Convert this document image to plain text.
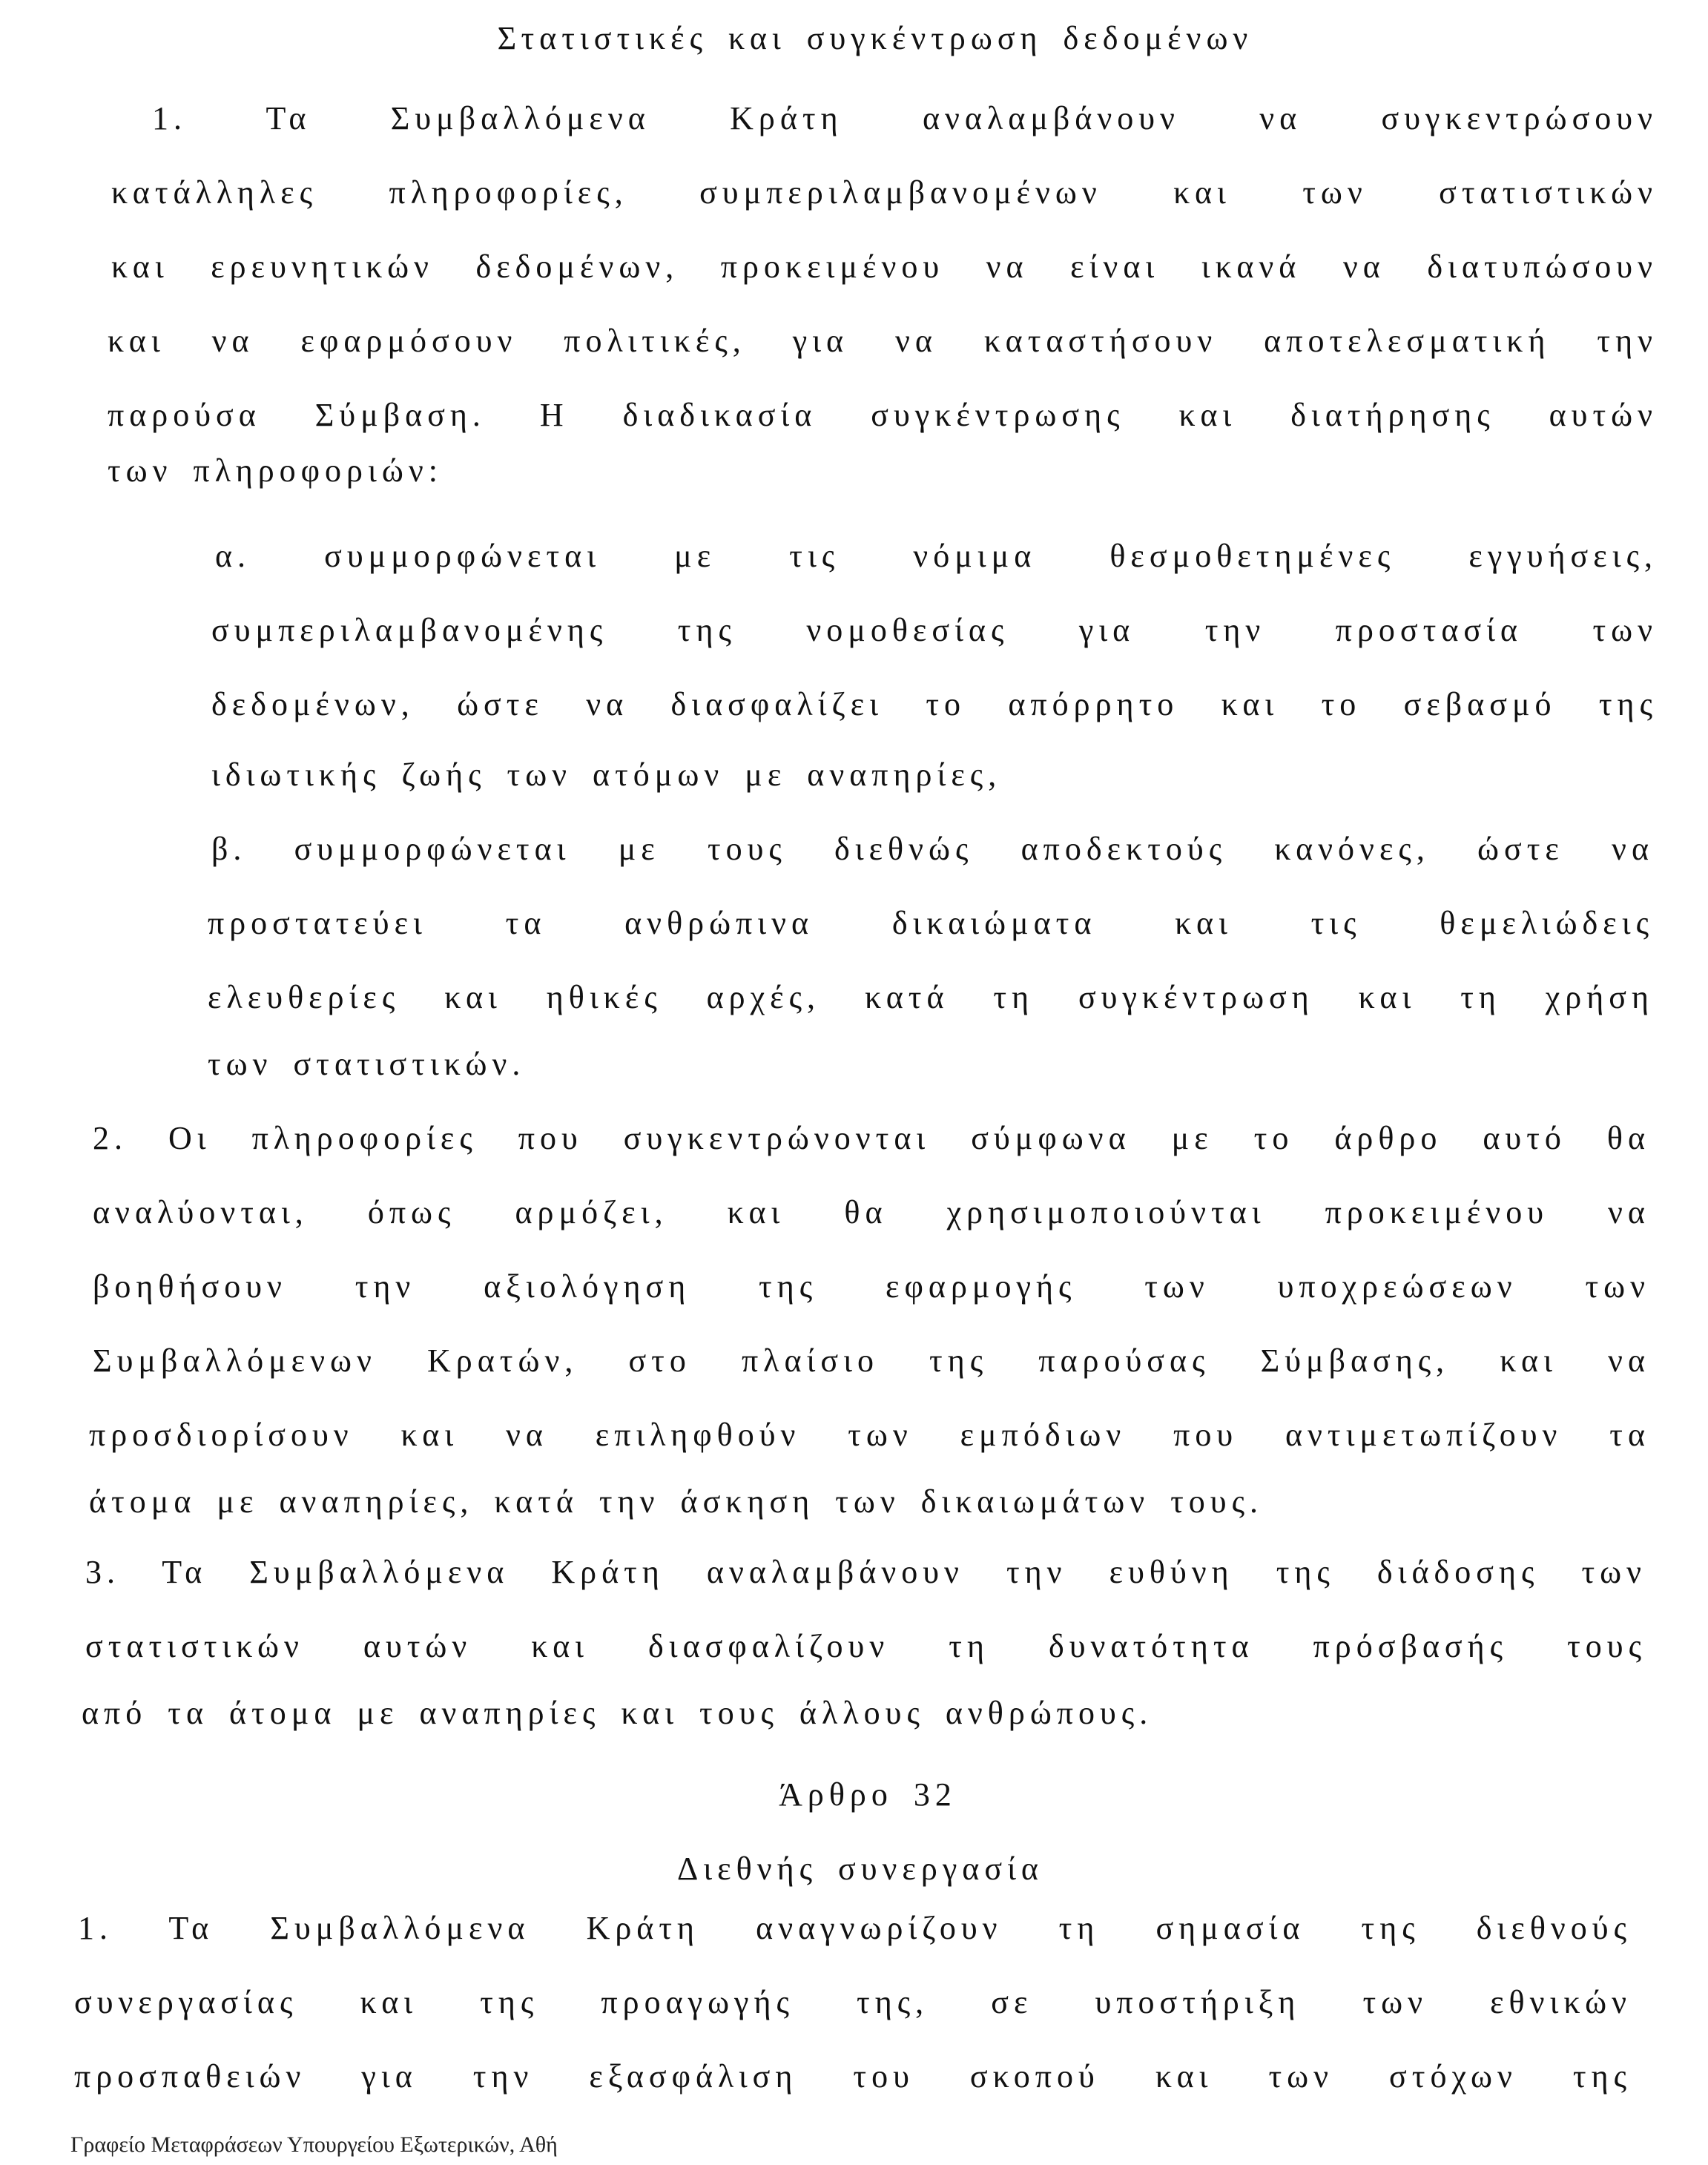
Στατιστικές και συγκέντρωση δεδομένων

1. Τα Συμβαλλόμενα Κράτη αναλαμβάνουν να συγκεντρώσουν

κατάλληλες πληροφορίες, συμπεριλαμβανομένων και των στατιστικών

και ερευνητικών δεδομένων, προκειμένου να είναι ικανά να διατυπώσουν

και να εφαρμόσουν πολιτικές, για να καταστήσουν αποτελεσματική την

παρούσα Σύμβαση. Η διαδικασία συγκέντρωσης και διατήρησης αυτών

των πληροφοριών:

α. συμμορφώνεται με τις νόμιμα θεσμοθετημένες εγγυήσεις,

συμπεριλαμβανομένης της νομοθεσίας για την προστασία των

δεδομένων, ώστε να διασφαλίζει το απόρρητο και το σεβασμό της

ιδιωτικής ζωής των ατόμων με αναπηρίες,

β. συμμορφώνεται με τους διεθνώς αποδεκτούς κανόνες, ώστε να

προστατεύει τα ανθρώπινα δικαιώματα και τις θεμελιώδεις

ελευθερίες και ηθικές αρχές, κατά τη συγκέντρωση και τη χρήση

των στατιστικών.

2. Οι πληροφορίες που συγκεντρώνονται σύμφωνα με το άρθρο αυτό θα

αναλύονται, όπως αρμόζει, και θα χρησιμοποιούνται προκειμένου να

βοηθήσουν την αξιολόγηση της εφαρμογής των υποχρεώσεων των

Συμβαλλόμενων Κρατών, στο πλαίσιο της παρούσας Σύμβασης, και να

προσδιορίσουν και να επιληφθούν των εμπόδιων που αντιμετωπίζουν τα

άτομα με αναπηρίες, κατά την άσκηση των δικαιωμάτων τους.

3. Τα Συμβαλλόμενα Κράτη αναλαμβάνουν την ευθύνη της διάδοσης των

στατιστικών αυτών και διασφαλίζουν τη δυνατότητα πρόσβασής τους

από τα άτομα με αναπηρίες και τους άλλους ανθρώπους.

Άρθρο 32

Διεθνής συνεργασία

1. Τα Συμβαλλόμενα Κράτη αναγνωρίζουν τη σημασία της διεθνούς

συνεργασίας και της προαγωγής της, σε υποστήριξη των εθνικών

προσπαθειών για την εξασφάλιση του σκοπού και των στόχων της

Γραφείο Μεταφράσεων Υπουργείου Εξωτερικών, Αθή
